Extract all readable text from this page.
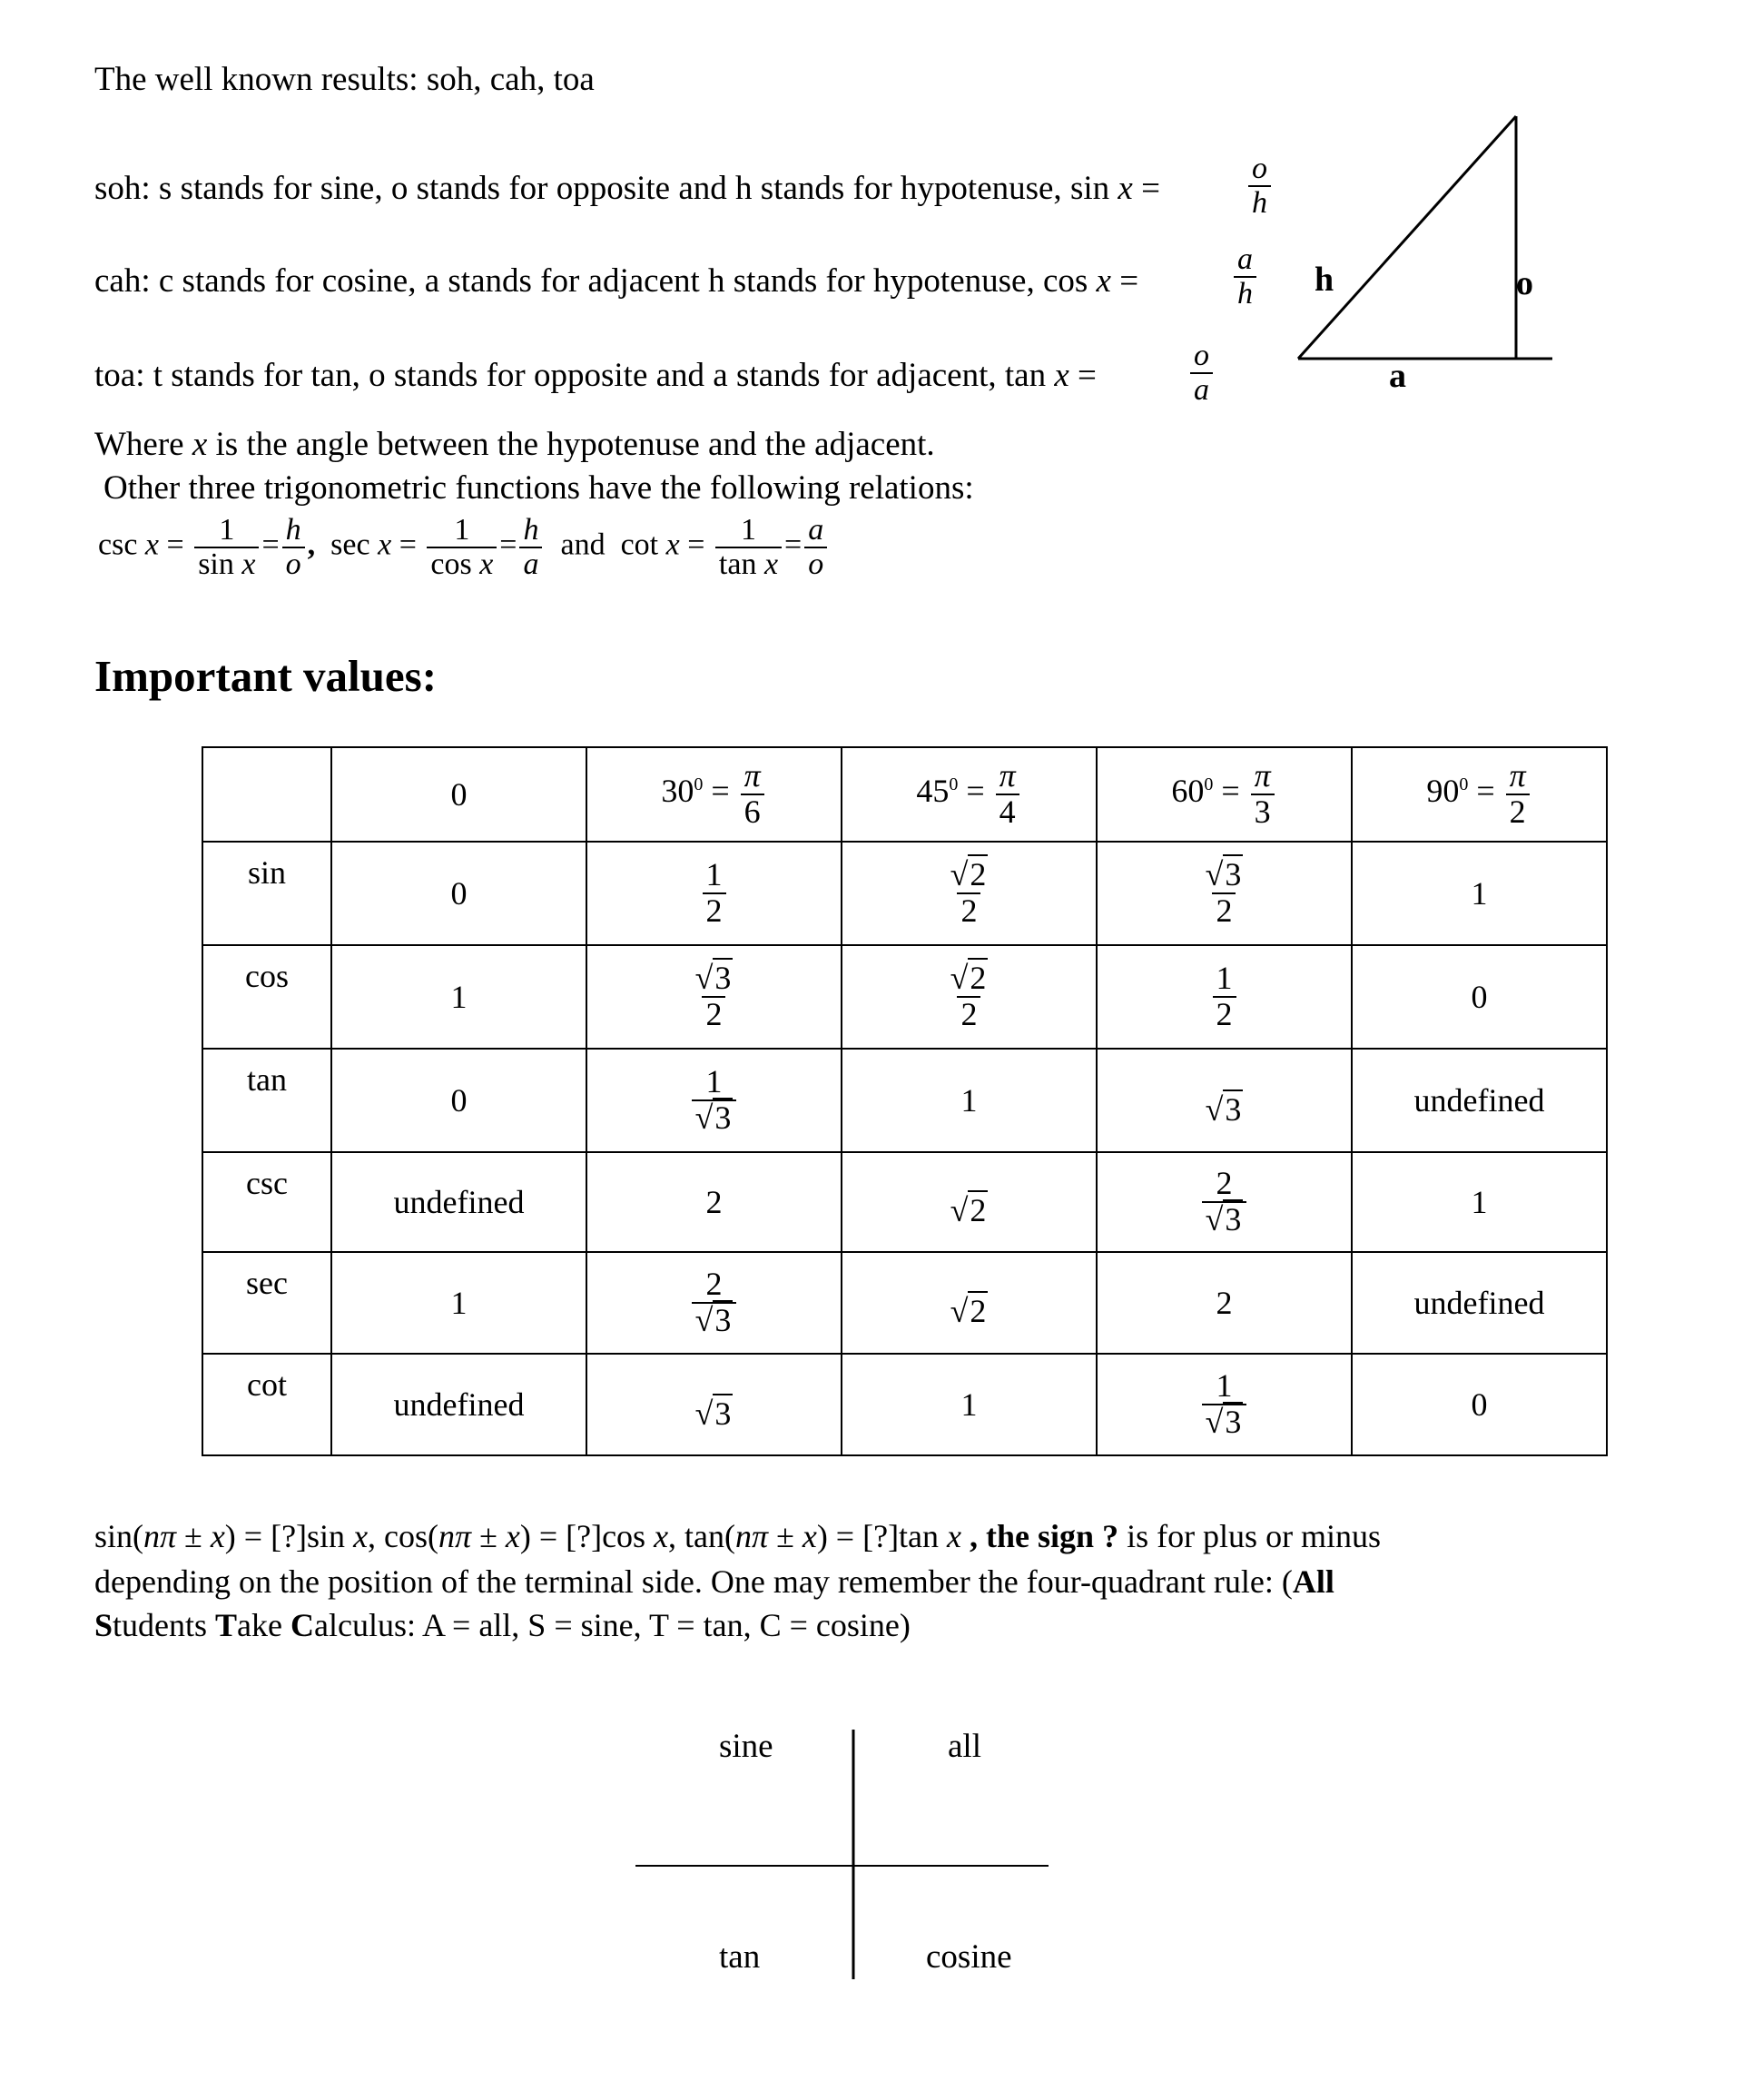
The well known results: soh, cah, toa
soh: s stands for sine, o stands for opposite and h stands for hypotenuse, sin x =	$\frac{o}{h}$
cah: c stands for cosine, a stands for adjacent h stands for hypotenuse, cos x =	$\frac{a}{h}$
toa: t stands for tan, o stands for opposite and a stands for adjacent, tan x =	$\frac{o}{a}$
h	o
a
Where x is the angle between the hypotenuse and the adjacent.
Other three trigonometric functions have the following relations:
$\csc x = \frac{1}{\text{sin x}} = \frac{h}{o}$ , $\sec x = \frac{1}{\text{cos x}} = \frac{h}{a}$ and $\cot x = \frac{1}{\text{tan x}} = \frac{a}{o}$
Important values:
	0	$30^0 = \frac{\pi}{6}$	$45^0 = \frac{\pi}{4}$	$60^0 = \frac{\pi}{3}$	$90^0 = \frac{\pi}{2}$

sin	0	$\frac{1}{2}$	$\frac{√2}{2}$	$\frac{√3}{2}$	1
cos	1	$\frac{√3}{2}$	$\frac{√2}{2}$	$\frac{1}{2}$	0
tan	0	$\frac{1}{√3}$	1	√3	undefined
csc	undefined	2	√2	$\frac{2}{√3}$	1
sec	1	$\frac{2}{√3}$	√2	2	undefined
cot	undefined	√3	1	$\frac{1}{√3}$	0
sin(nπ ± x) = [?]sin x, cos(nπ ± x) = [?]cos x, tan(nπ ± x) = [?]tan x , the sign ? is for plus or minus
depending on the position of the terminal side. One may remember the four-quadrant rule: (All
Students Take Calculus: A = all, S = sine, T = tan, C = cosine)
sine	all
tan	cosine
